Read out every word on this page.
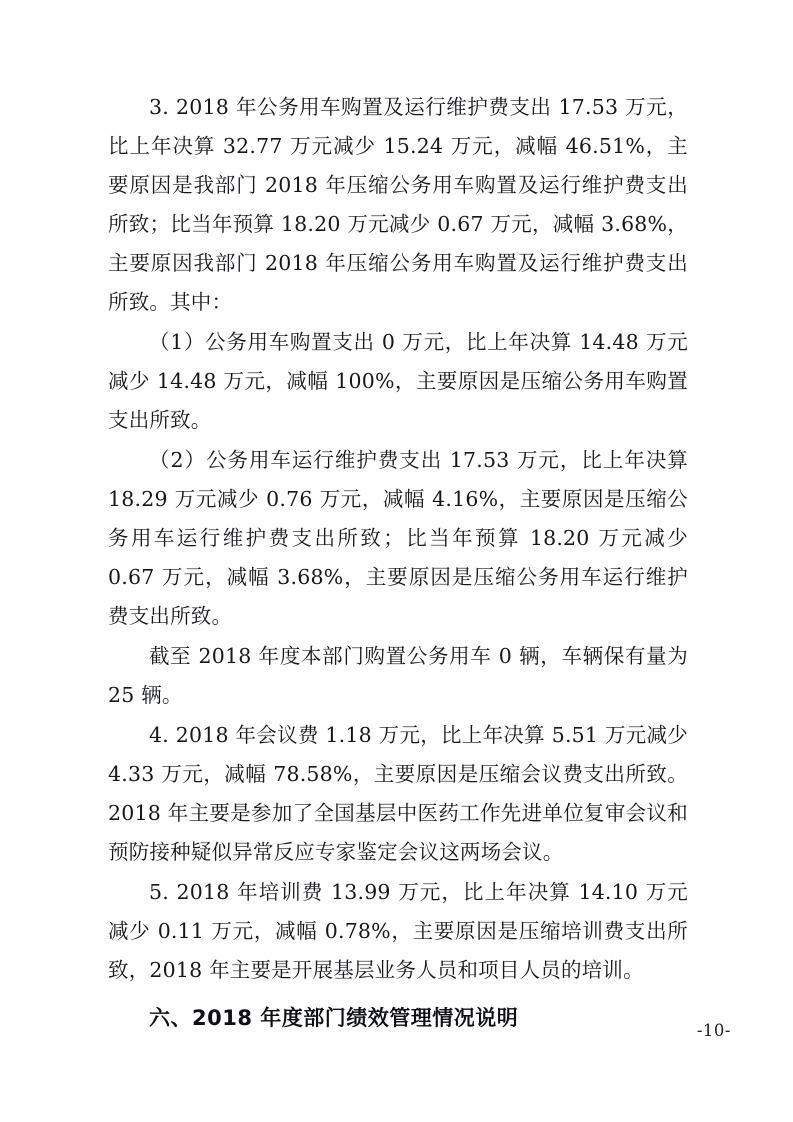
3. 2018 年公务用车购置及运行维护费支出 17.53 万元，比上年决算 32.77 万元减少 15.24 万元，减幅 46.51%，主要原因是我部门 2018 年压缩公务用车购置及运行维护费支出所致；比当年预算 18.20 万元减少 0.67 万元，减幅 3.68%，主要原因我部门 2018 年压缩公务用车购置及运行维护费支出所致。其中：

（1）公务用车购置支出 0 万元，比上年决算 14.48 万元减少 14.48 万元，减幅 100%，主要原因是压缩公务用车购置支出所致。

（2）公务用车运行维护费支出 17.53 万元，比上年决算 18.29 万元减少 0.76 万元，减幅 4.16%，主要原因是压缩公务用车运行维护费支出所致；比当年预算 18.20 万元减少 0.67 万元，减幅 3.68%，主要原因是压缩公务用车运行维护费支出所致。

截至 2018 年度本部门购置公务用车 0 辆，车辆保有量为 25 辆。

4. 2018 年会议费 1.18 万元，比上年决算 5.51 万元减少 4.33 万元，减幅 78.58%，主要原因是压缩会议费支出所致。2018 年主要是参加了全国基层中医药工作先进单位复审会议和预防接种疑似异常反应专家鉴定会议这两场会议。

5. 2018 年培训费 13.99 万元，比上年决算 14.10 万元减少 0.11 万元，减幅 0.78%，主要原因是压缩培训费支出所致，2018 年主要是开展基层业务人员和项目人员的培训。

六、2018 年度部门绩效管理情况说明
-10-
